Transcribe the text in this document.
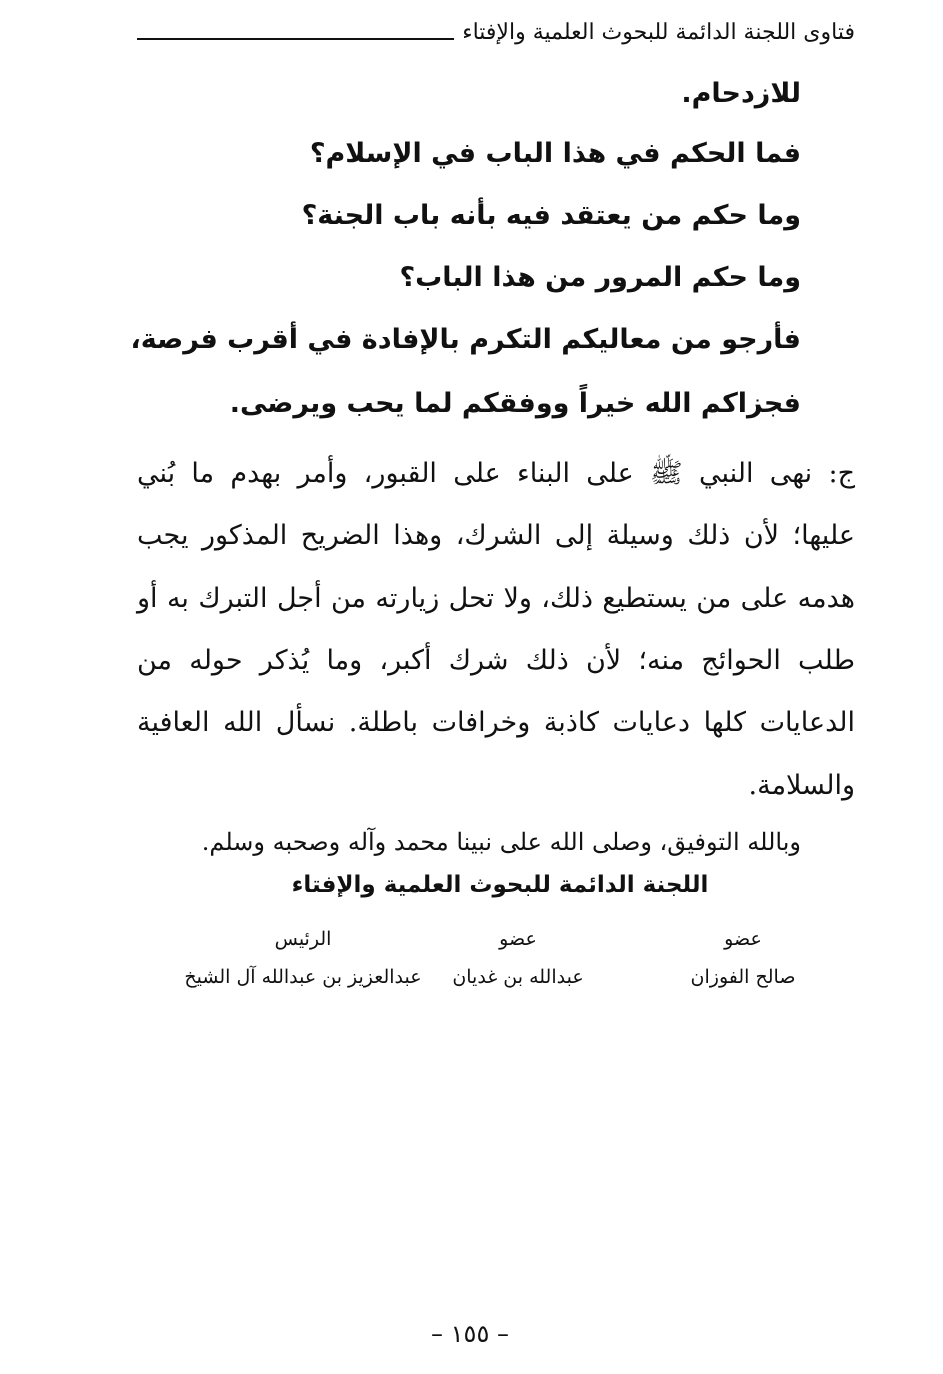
فتاوى اللجنة الدائمة للبحوث العلمية والإفتاء
للازدحام.
فما الحكم في هذا الباب في الإسلام؟
وما حكم من يعتقد فيه بأنه باب الجنة؟
وما حكم المرور من هذا الباب؟
فأرجو من معاليكم التكرم بالإفادة في أقرب فرصة،
فجزاكم الله خيراً ووفقكم لما يحب ويرضى.
ج: نهى النبي ﷺ على البناء على القبور، وأمر بهدم ما بُني
عليها؛ لأن ذلك وسيلة إلى الشرك، وهذا الضريح المذكور يجب
هدمه على من يستطيع ذلك، ولا تحل زيارته من أجل التبرك به أو
طلب الحوائج منه؛ لأن ذلك شرك أكبر، وما يُذكر حوله من
الدعايات كلها دعايات كاذبة وخرافات باطلة. نسأل الله العافية
والسلامة.
وبالله التوفيق، وصلى الله على نبينا محمد وآله وصحبه وسلم.
اللجنة الدائمة للبحوث العلمية والإفتاء
عضو
صالح الفوزان
عضو
عبدالله بن غديان
الرئيس
عبدالعزيز بن عبدالله آل الشيخ
– ١٥٥ –
